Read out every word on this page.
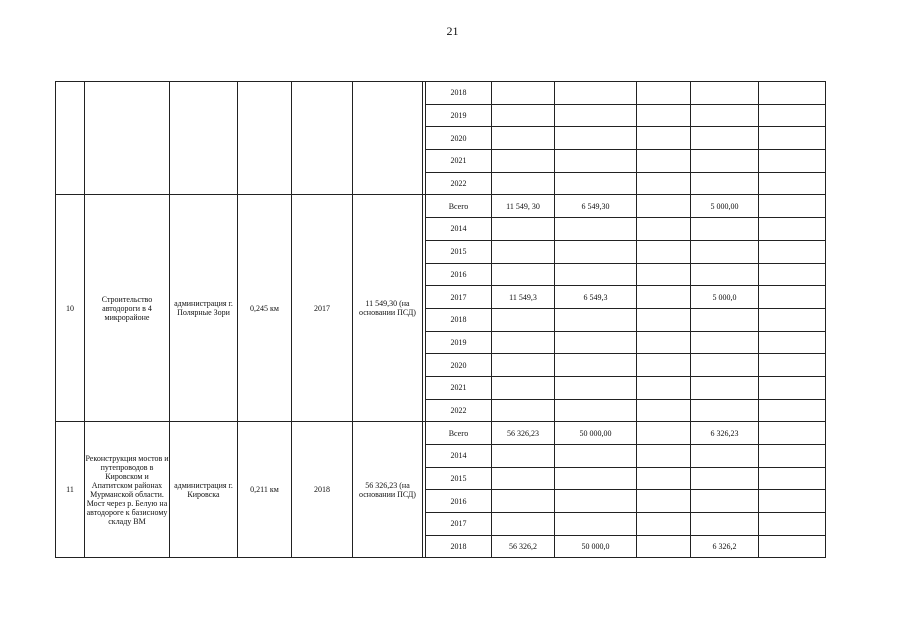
21
							2018					
							2019					
							2020					
							2021					
							2022					
10	Строительство автодороги в 4 микрорайоне	администрация г. Полярные Зори	0,245 км	2017	11 549,30 (на основании ПСД)		Всего	11 549, 30	6 549,30		5 000,00	
							2014					
							2015					
							2016					
							2017	11 549,3	6 549,3		5 000,0	
							2018					
							2019					
							2020					
							2021					
							2022					
11	Реконструкция мостов и путепроводов в Кировском и Апатитском районах Мурманской области. Мост через р. Белую на автодороге к базисному складу ВМ	администрация г. Кировска	0,211 км	2018	56 326,23 (на основании ПСД)		Всего	56 326,23	50 000,00		6 326,23	
							2014					
							2015					
							2016					
							2017					
							2018	56 326,2	50 000,0		6 326,2	
